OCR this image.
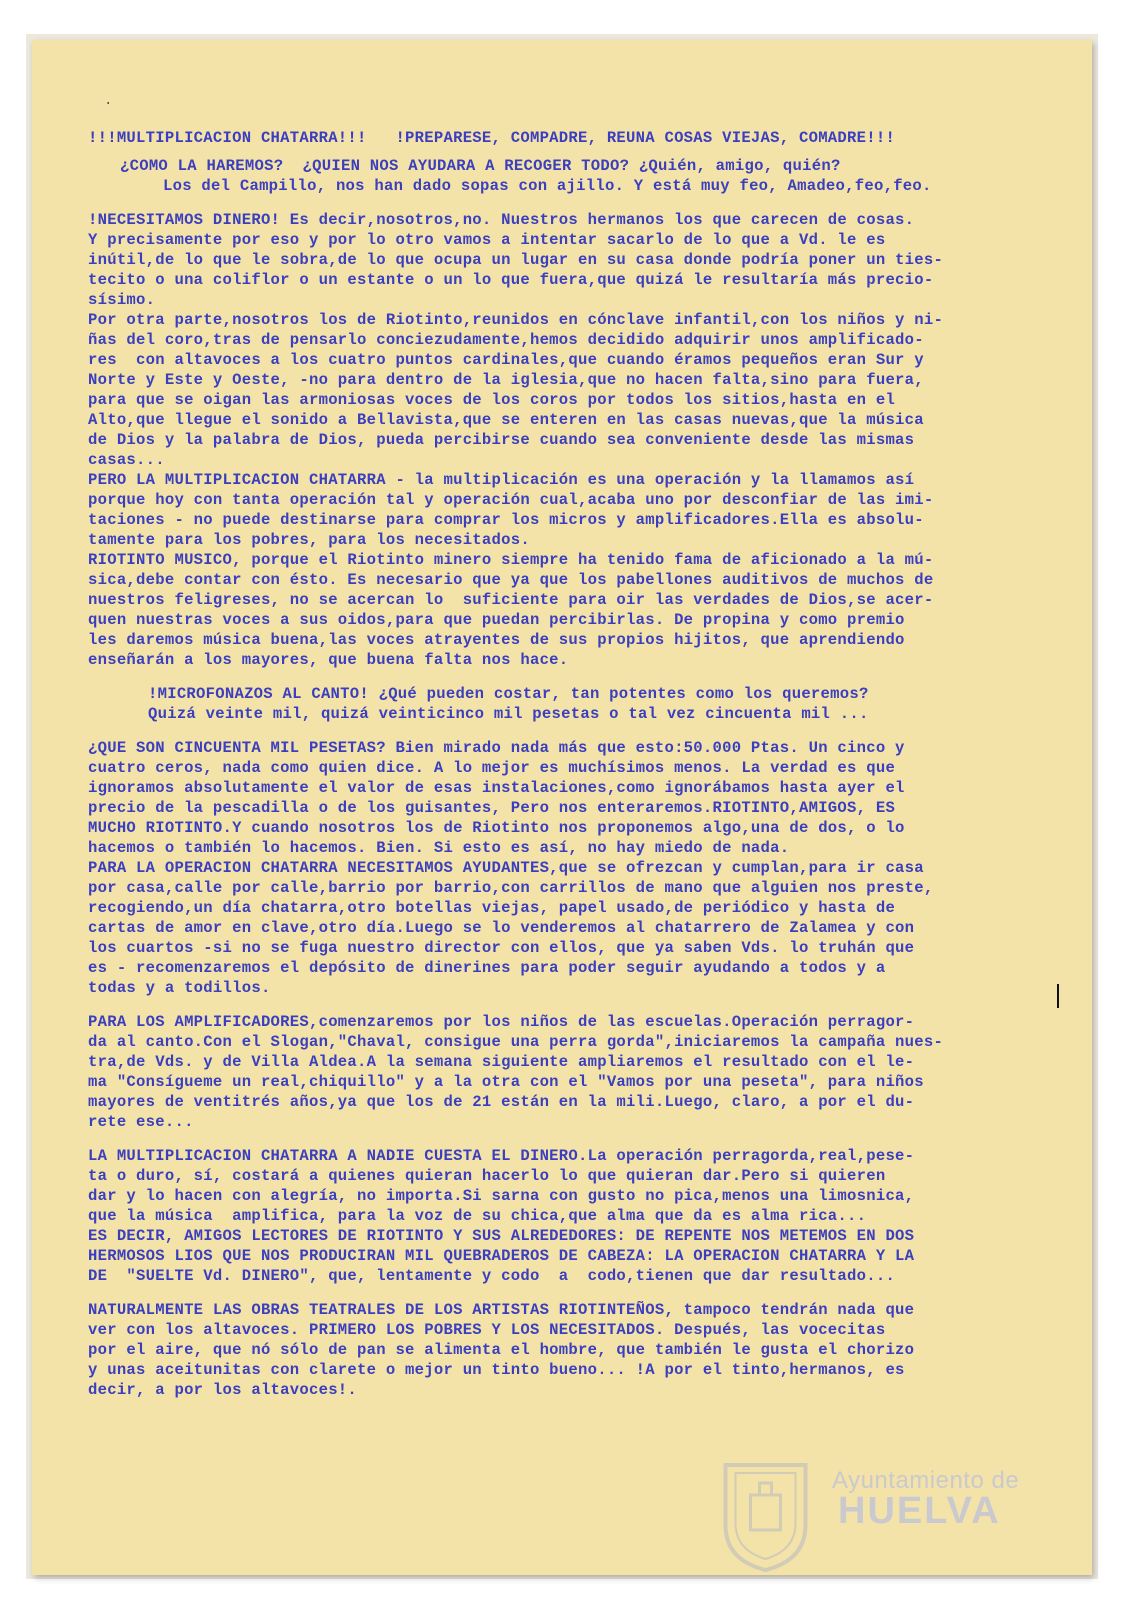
!!!MULTIPLICACION CHATARRA!!!   !PREPARESE, COMPADRE, REUNA COSAS VIEJAS, COMADRE!!!
¿COMO LA HAREMOS?  ¿QUIEN NOS AYUDARA A RECOGER TODO? ¿Quién, amigo, quién?
Los del Campillo, nos han dado sopas con ajillo. Y está muy feo, Amadeo,feo,feo.
!NECESITAMOS DINERO! Es decir,nosotros,no. Nuestros hermanos los que carecen de cosas.
Y precisamente por eso y por lo otro vamos a intentar sacarlo de lo que a Vd. le es
inútil,de lo que le sobra,de lo que ocupa un lugar en su casa donde podría poner un ties-
tecito o una coliflor o un estante o un lo que fuera,que quizá le resultaría más precio-
sísimo.
Por otra parte,nosotros los de Riotinto,reunidos en cónclave infantil,con los niños y ni-
ñas del coro,tras de pensarlo conciezudamente,hemos decidido adquirir unos amplificado-
res  con altavoces a los cuatro puntos cardinales,que cuando éramos pequeños eran Sur y
Norte y Este y Oeste, -no para dentro de la iglesia,que no hacen falta,sino para fuera,
para que se oigan las armoniosas voces de los coros por todos los sitios,hasta en el
Alto,que llegue el sonido a Bellavista,que se enteren en las casas nuevas,que la música
de Dios y la palabra de Dios, pueda percibirse cuando sea conveniente desde las mismas
casas...
PERO LA MULTIPLICACION CHATARRA - la multiplicación es una operación y la llamamos así
porque hoy con tanta operación tal y operación cual,acaba uno por desconfiar de las imi-
taciones - no puede destinarse para comprar los micros y amplificadores.Ella es absolu-
tamente para los pobres, para los necesitados.
RIOTINTO MUSICO, porque el Riotinto minero siempre ha tenido fama de aficionado a la mú-
sica,debe contar con ésto. Es necesario que ya que los pabellones auditivos de muchos de
nuestros feligreses, no se acercan lo  suficiente para oir las verdades de Dios,se acer-
quen nuestras voces a sus oidos,para que puedan percibirlas. De propina y como premio
les daremos música buena,las voces atrayentes de sus propios hijitos, que aprendiendo
enseñarán a los mayores, que buena falta nos hace.
!MICROFONAZOS AL CANTO! ¿Qué pueden costar, tan potentes como los queremos?
Quizá veinte mil, quizá veinticinco mil pesetas o tal vez cincuenta mil ...
¿QUE SON CINCUENTA MIL PESETAS? Bien mirado nada más que esto:50.000 Ptas. Un cinco y
cuatro ceros, nada como quien dice. A lo mejor es muchísimos menos. La verdad es que
ignoramos absolutamente el valor de esas instalaciones,como ignorábamos hasta ayer el
precio de la pescadilla o de los guisantes, Pero nos enteraremos.RIOTINTO,AMIGOS, ES
MUCHO RIOTINTO.Y cuando nosotros los de Riotinto nos proponemos algo,una de dos, o lo
hacemos o también lo hacemos. Bien. Si esto es así, no hay miedo de nada.
PARA LA OPERACION CHATARRA NECESITAMOS AYUDANTES,que se ofrezcan y cumplan,para ir casa
por casa,calle por calle,barrio por barrio,con carrillos de mano que alguien nos preste,
recogiendo,un día chatarra,otro botellas viejas, papel usado,de periódico y hasta de
cartas de amor en clave,otro día.Luego se lo venderemos al chatarrero de Zalamea y con
los cuartos -si no se fuga nuestro director con ellos, que ya saben Vds. lo truhán que
es - recomenzaremos el depósito de dinerines para poder seguir ayudando a todos y a
todas y a todillos.
PARA LOS AMPLIFICADORES,comenzaremos por los niños de las escuelas.Operación perragor-
da al canto.Con el Slogan,"Chaval, consigue una perra gorda",iniciaremos la campaña nues-
tra,de Vds. y de Villa Aldea.A la semana siguiente ampliaremos el resultado con el le-
ma "Consígueme un real,chiquillo" y a la otra con el "Vamos por una peseta", para niños
mayores de ventitrés años,ya que los de 21 están en la mili.Luego, claro, a por el du-
rete ese...
LA MULTIPLICACION CHATARRA A NADIE CUESTA EL DINERO.La operación perragorda,real,pese-
ta o duro, sí, costará a quienes quieran hacerlo lo que quieran dar.Pero si quieren
dar y lo hacen con alegría, no importa.Si sarna con gusto no pica,menos una limosnica,
que la música  amplifica, para la voz de su chica,que alma que da es alma rica...
ES DECIR, AMIGOS LECTORES DE RIOTINTO Y SUS ALREDEDORES: DE REPENTE NOS METEMOS EN DOS
HERMOSOS LIOS QUE NOS PRODUCIRAN MIL QUEBRADEROS DE CABEZA: LA OPERACION CHATARRA Y LA
DE  "SUELTE Vd. DINERO", que, lentamente y codo  a  codo,tienen que dar resultado...
NATURALMENTE LAS OBRAS TEATRALES DE LOS ARTISTAS RIOTINTEÑOS, tampoco tendrán nada que
ver con los altavoces. PRIMERO LOS POBRES Y LOS NECESITADOS. Después, las vocecitas
por el aire, que nó sólo de pan se alimenta el hombre, que también le gusta el chorizo
y unas aceitunitas con clarete o mejor un tinto bueno... !A por el tinto,hermanos, es
decir, a por los altavoces!.
·
Ayuntamiento de
HUELVA
